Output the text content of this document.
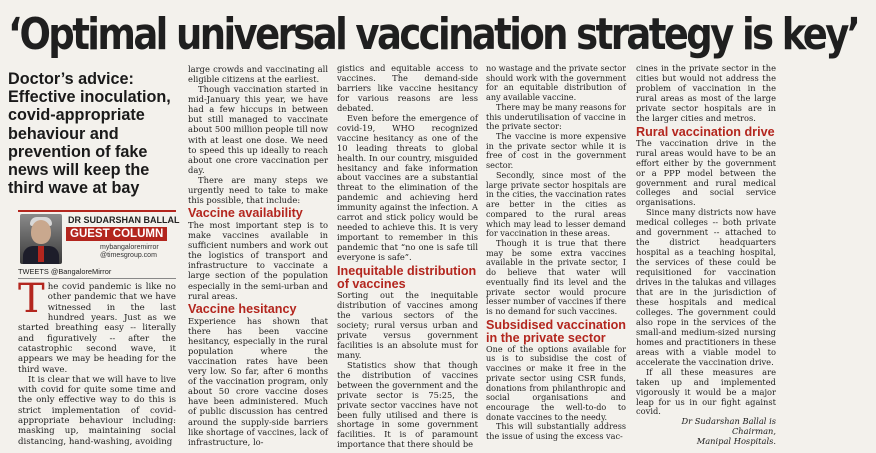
‘Optimal universal vaccination strategy is key’
Doctor’s advice: Effective inoculation, covid-appropriate behaviour and prevention of fake news will keep the third wave at bay
DR SUDARSHAN BALLAL
GUEST COLUMN
mybangaloremirror @timesgroup.com
TWEETS @BangaloreMirror

The covid pandemic is like no other pandemic that we have witnessed in the last hundred years. Just as we started breathing easy -- literally and figuratively -- after the catastrophic second wave, it appears we may be heading for the third wave.

It is clear that we will have to live with covid for quite some time and the only effective way to do this is strict implementation of covid-appropriate behaviour including: masking up, maintaining social distancing, hand-washing, avoiding

large crowds and vaccinating all eligible citizens at the earliest.

Though vaccination started in mid-January this year, we have had a few hiccups in between but still managed to vaccinate about 500 million people till now with at least one dose. We need to speed this up ideally to reach about one crore vaccination per day.

There are many steps we urgently need to take to make this possible, that include:

Vaccine availability

The most important step is to make vaccines available in sufficient numbers and work out the logistics of transport and infrastructure to vaccinate a large section of the population especially in the semi-urban and rural areas.

Vaccine hesitancy

Experience has shown that there has been vaccine hesitancy, especially in the rural population where the vaccination rates have been very low. So far, after 6 months of the vaccination program, only about 50 crore vaccine doses have been administered. Much of public discussion has centred around the supply-side barriers like shortage of vaccines, lack of infrastructure, lo-

gistics and equitable access to vaccines. The demand-side barriers like vaccine hesitancy for various reasons are less debated.

Even before the emergence of covid-19, WHO recognized vaccine hesitancy as one of the 10 leading threats to global health. In our country, misguided hesitancy and fake information about vaccines are a substantial threat to the elimination of the pandemic and achieving herd immunity against the infection. A carrot and stick policy would be needed to achieve this. It is very important to remember in this pandemic that “no one is safe till everyone is safe”.

Inequitable distribution of vaccines

Sorting out the inequitable distribution of vaccines among the various sectors of the society; rural versus urban and private versus government facilities is an absolute must for many.

Statistics show that though the distribution of vaccines between the government and the private sector is 75:25, the private sector vaccines have not been fully utilised and there is shortage in some government facilities. It is of paramount importance that there should be

no wastage and the private sector should work with the government for an equitable distribution of any available vaccine.

There may be many reasons for this underutilisation of vaccine in the private sector:

The vaccine is more expensive in the private sector while it is free of cost in the government sector.

Secondly, since most of the large private sector hospitals are in the cities, the vaccination rates are better in the cities as compared to the rural areas which may lead to lesser demand for vaccination in these areas.

Though it is true that there may be some extra vaccines available in the private sector, I do believe that water will eventually find its level and the private sector would procure lesser number of vaccines if there is no demand for such vaccines.

Subsidised vaccination in the private sector

One of the options available for us is to subsidise the cost of vaccines or make it free in the private sector using CSR funds, donations from philanthropic and social organisations and encourage the well-to-do to donate vaccines to the needy.

This will substantially address the issue of using the excess vac-

cines in the private sector in the cities but would not address the problem of vaccination in the rural areas as most of the large private sector hospitals are in the larger cities and metros.

Rural vaccination drive

The vaccination drive in the rural areas would have to be an effort either by the government or a PPP model between the government and rural medical colleges and social service organisations.

Since many districts now have medical colleges -- both private and government -- attached to the district headquarters hospital as a teaching hospital, the services of these could be requisitioned for vaccination drives in the talukas and villages that are in the jurisdiction of these hospitals and medical colleges. The government could also rope in the services of the small-and medium-sized nursing homes and practitioners in these areas with a viable model to accelerate the vaccination drive.

If all these measures are taken up and implemented vigorously it would be a major leap for us in our fight against covid.

Dr Sudarshan Ballal is Chairman,

Manipal Hospitals.
